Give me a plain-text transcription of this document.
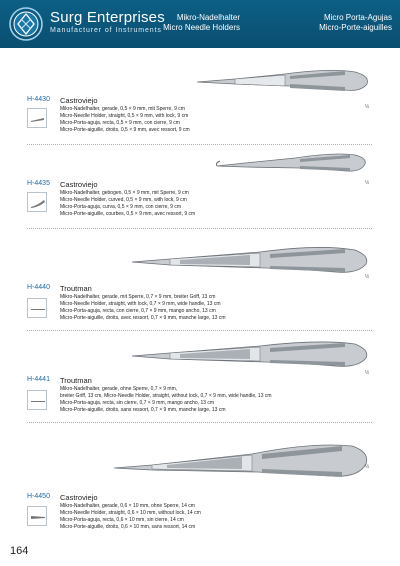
Surg Enterprises
Manufacturer of Instruments
Mikro-Nadelhalter
Micro Needle Holders
Micro Porta-Agujas
Micro-Porte-aiguilles
H-4430 Castroviejo
Mikro-Nadelhalter, gerade, 0,5 × 9 mm, mit Sperre, 9 cm
Micro-Needle Holder, straight, 0,5 × 9 mm, with lock, 9 cm
Micro-Porta-aguja, recta, 0,5 × 9 mm, con cierre, 9 cm
Micro-Porte-aiguille, droits, 0,5 × 9 mm, avec ressort, 9 cm
½
H-4435 Castroviejo
Mikro-Nadelhalter, gebogen, 0,5 × 9 mm, mit Sperre, 9 cm
Micro-Needle Holder, curved, 0,5 × 9 mm, with lock, 9 cm
Micro-Porta-aguja, curva, 0,5 × 9 mm, con cierre, 9 cm
Micro-Porte-aiguille, courbes, 0,5 × 9 mm, avec ressort, 9 cm
½
H-4440 Troutman
Mikro-Nadelhalter, gerade, mit Sperre, 0,7 × 9 mm, breiter Griff, 13 cm
Micro-Needle Holder, straight, with lock, 0,7 × 9 mm, wide handle, 13 cm
Micro-Porta-aguja, recta, con cierre, 0,7 × 9 mm, mango ancho, 13 cm
Micro-Porte-aiguille, droits, avec ressort, 0,7 × 9 mm, manche large, 13 cm
½
H-4441 Troutman
Mikro-Nadelhalter, gerade, ohne Sperre, 0,7 × 9 mm,
breiter Griff, 13 cm, Micro-Needle Holder, straight, without lock, 0,7 × 9 mm, wide handle, 13 cm
Micro-Porta-aguja, recta, sin cierre, 0,7 × 9 mm, mango ancho, 13 cm
Micro-Porte-aiguille, droits, sans ressort, 0,7 × 9 mm, manche large, 13 cm
½
H-4450 Castroviejo
Mikro-Nadelhalter, gerade, 0,6 × 10 mm, ohne Sperre, 14 cm
Micro-Needle Holder, straight, 0,6 × 10 mm, without lock, 14 cm
Micro-Porta-aguja, recta, 0,6 × 10 mm, sin cierre, 14 cm
Micro-Porte-aiguille, droits, 0,6 × 10 mm, sans ressort, 14 cm
½
164
